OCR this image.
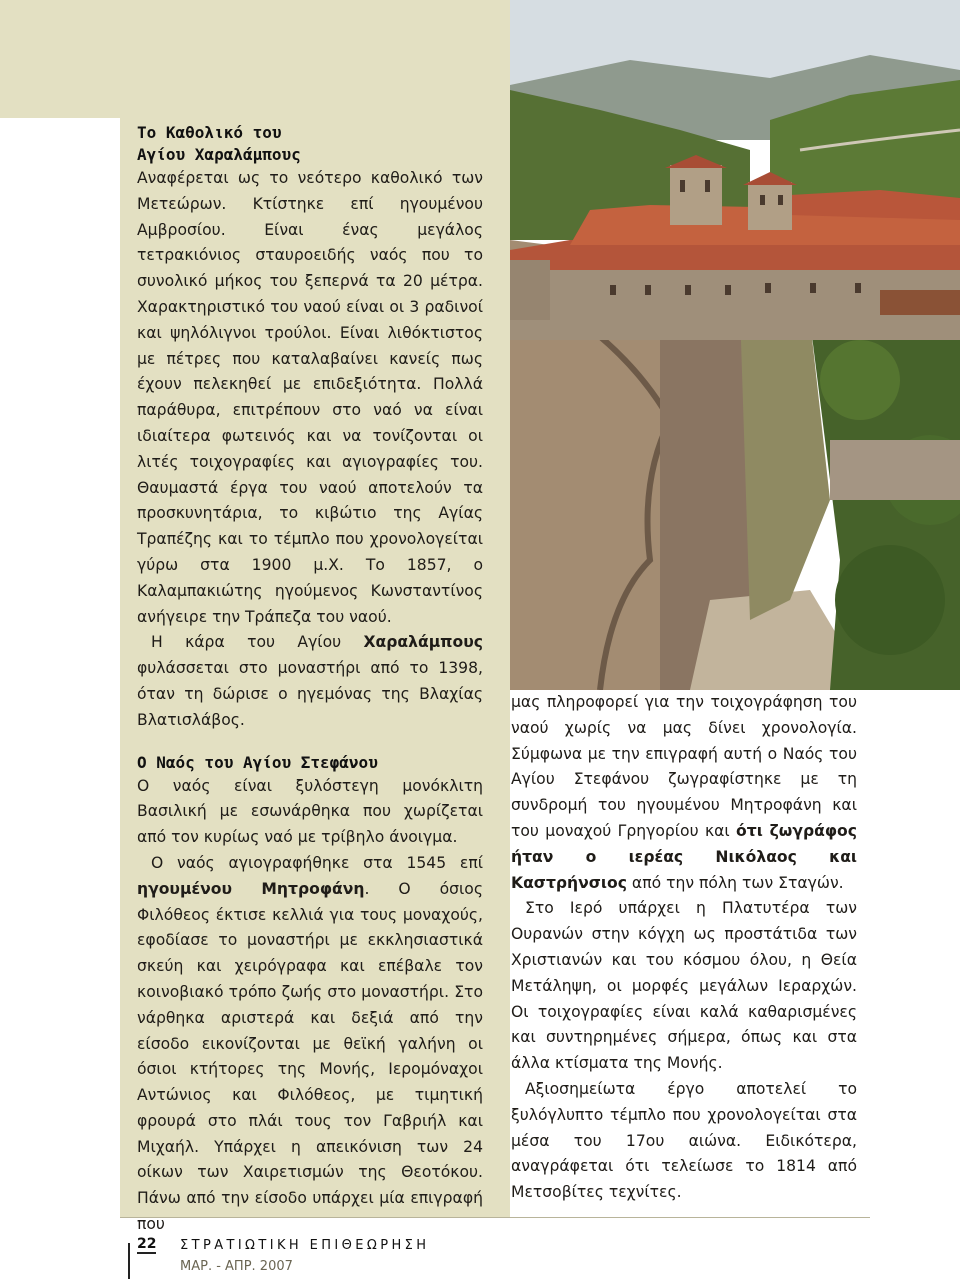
Το Καθολικό του
Αγίου Χαραλάμπους

Αναφέρεται ως το νεότερο καθολικό των Μετεώρων. Κτίστηκε επί ηγουμένου Αμβροσίου. Είναι ένας μεγάλος τετρακιόνιος σταυροειδής ναός που το συνολικό μήκος του ξεπερνά τα 20 μέτρα. Χαρακτηριστικό του ναού είναι οι 3 ραδινοί και ψηλόλιγνοι τρούλοι. Είναι λιθόκτιστος με πέτρες που καταλαβαίνει κανείς πως έχουν πελεκηθεί με επιδεξιότητα. Πολλά παράθυρα, επιτρέπουν στο ναό να είναι ιδιαίτερα φωτεινός και να τονίζονται οι λιτές τοιχογραφίες και αγιογραφίες του. Θαυμαστά έργα του ναού αποτελούν τα προσκυνητάρια, το κιβώτιο της Αγίας Τραπέζης και το τέμπλο που χρονολογείται γύρω στα 1900 μ.Χ. Το 1857, ο Καλαμπακιώτης ηγούμενος Κωνσταντίνος ανήγειρε την Τράπεζα του ναού.

Η κάρα του Αγίου Χαραλάμπους φυλάσσεται στο μοναστήρι από το 1398, όταν τη δώρισε ο ηγεμόνας της Βλαχίας Βλατισλάβος.

Ο Ναός του Αγίου Στεφάνου

Ο ναός είναι ξυλόστεγη μονόκλιτη Βασιλική με εσωνάρθηκα που χωρίζεται από τον κυρίως ναό με τρίβηλο άνοιγμα.

Ο ναός αγιογραφήθηκε στα 1545 επί ηγουμένου Μητροφάνη. Ο όσιος Φιλόθεος έκτισε κελλιά για τους μοναχούς, εφοδίασε το μοναστήρι με εκκλησιαστικά σκεύη και χειρόγραφα και επέβαλε τον κοινοβιακό τρόπο ζωής στο μοναστήρι. Στο νάρθηκα αριστερά και δεξιά από την είσοδο εικονίζονται με θεϊκή γαλήνη οι όσιοι κτήτορες της Μονής, Ιερομόναχοι Αντώνιος και Φιλόθεος, με τιμητική φρουρά στο πλάι τους τον Γαβριήλ και Μιχαήλ. Υπάρχει η απεικόνιση των 24 οίκων των Χαιρετισμών της Θεοτόκου. Πάνω από την είσοδο υπάρχει μία επιγραφή που

μας πληροφορεί για την τοιχογράφηση του ναού χωρίς να μας δίνει χρονολογία. Σύμφωνα με την επιγραφή αυτή ο Ναός του Αγίου Στεφάνου ζωγραφίστηκε με τη συνδρομή του ηγουμένου Μητροφάνη και του μοναχού Γρηγορίου και ότι ζωγράφος ήταν ο ιερέας Νικόλαος και Καστρήνσιος από την πόλη των Σταγών.

Στο Ιερό υπάρχει η Πλατυτέρα των Ουρανών στην κόγχη ως προστάτιδα των Χριστιανών και του κόσμου όλου, η Θεία Μετάληψη, οι μορφές μεγάλων Ιεραρχών. Οι τοιχογραφίες είναι καλά καθαρισμένες και συντηρημένες σήμερα, όπως και στα άλλα κτίσματα της Μονής.

Αξιοσημείωτα έργο αποτελεί το ξυλόγλυπτο τέμπλο που χρονολογείται στα μέσα του 17ου αιώνα. Ειδικότερα, αναγράφεται ότι τελείωσε το 1814 από Μετσοβίτες τεχνίτες.

22 ΣΤΡΑΤΙΩΤΙΚΗ ΕΠΙΘΕΩΡΗΣΗ
ΜΑΡ. - ΑΠΡ. 2007
